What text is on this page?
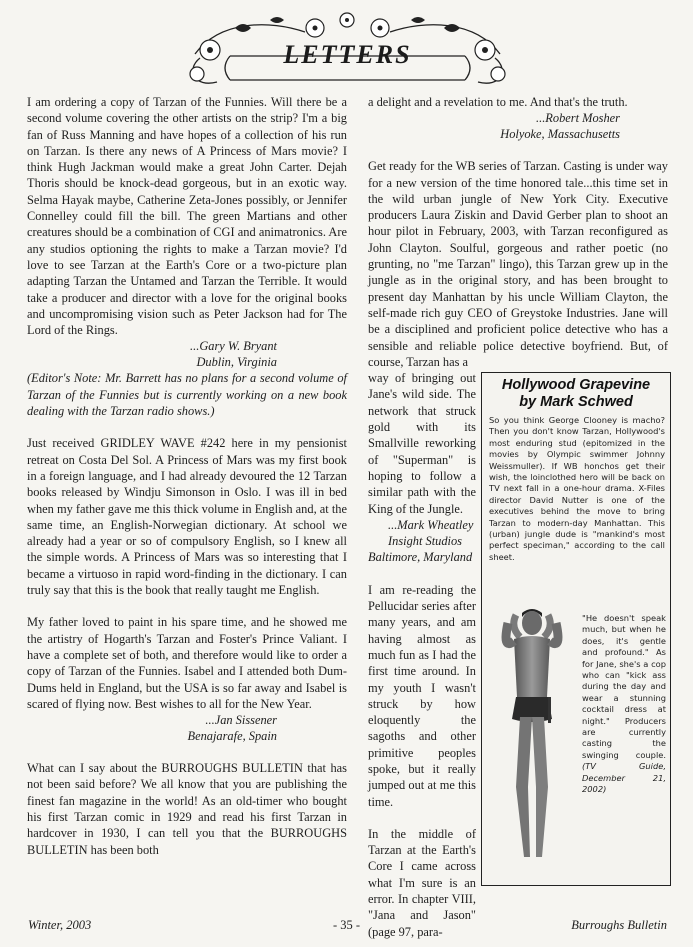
LETTERS

I am ordering a copy of Tarzan of the Funnies. Will there be a second volume covering the other artists on the strip? I'm a big fan of Russ Manning and have hopes of a collection of his run on Tarzan. Is there any news of A Princess of Mars movie? I think Hugh Jackman would make a great John Carter. Dejah Thoris should be knock-dead gorgeous, but in an exotic way. Selma Hayak maybe, Catherine Zeta-Jones possibly, or Jennifer Connelley could fill the bill. The green Martians and other creatures should be a combination of CGI and animatronics. Are any studios optioning the rights to make a Tarzan movie? I'd love to see Tarzan at the Earth's Core or a two-picture plan adapting Tarzan the Untamed and Tarzan the Terrible. It would take a producer and director with a love for the original books and uncompromising vision such as Peter Jackson had for The Lord of the Rings.

...Gary W. Bryant
Dublin, Virginia

(Editor's Note: Mr. Barrett has no plans for a second volume of Tarzan of the Funnies but is currently working on a new book dealing with the Tarzan radio shows.)

Just received GRIDLEY WAVE #242 here in my pensionist retreat on Costa Del Sol. A Princess of Mars was my first book in a foreign language, and I had already devoured the 12 Tarzan books released by Windju Simonson in Oslo. I was ill in bed when my father gave me this thick volume in English and, at the same time, an English-Norwegian dictionary. At school we already had a year or so of compulsory English, so I knew all the simple words. A Princess of Mars was so interesting that I became a virtuoso in rapid word-finding in the dictionary. I can truly say that this is the book that really taught me English.

My father loved to paint in his spare time, and he showed me the artistry of Hogarth's Tarzan and Foster's Prince Valiant. I have a complete set of both, and therefore would like to order a copy of Tarzan of the Funnies. Isabel and I attended both Dum-Dums held in England, but the USA is so far away and Isabel is scared of flying now. Best wishes to all for the New Year.

...Jan Sissener
Benajarafe, Spain

What can I say about the BURROUGHS BULLETIN that has not been said before? We all know that you are publishing the finest fan magazine in the world! As an old-timer who bought his first Tarzan comic in 1929 and read his first Tarzan in hardcover in 1930, I can tell you that the BURROUGHS BULLETIN has been both

a delight and a revelation to me. And that's the truth.

...Robert Mosher
Holyoke, Massachusetts

Get ready for the WB series of Tarzan. Casting is under way for a new version of the time honored tale...this time set in the wild urban jungle of New York City. Executive producers Laura Ziskin and David Gerber plan to shoot an hour pilot in February, 2003, with Tarzan reconfigured as John Clayton. Soulful, gorgeous and rather poetic (no grunting, no "me Tarzan" lingo), this Tarzan grew up in the jungle as in the original story, and has been brought to present day Manhattan by his uncle William Clayton, the self-made rich guy CEO of Greystoke Industries. Jane will be a disciplined and proficient police detective who has a sensible and reliable police detective boyfriend. But, of course, Tarzan has a

way of bringing out Jane's wild side. The network that struck gold with its Smallville reworking of "Superman" is hoping to follow a similar path with the King of the Jungle.

...Mark Wheatley
Insight Studios
Baltimore, Maryland

I am re-reading the Pellucidar series after many years, and am having almost as much fun as I had the first time around. In my youth I wasn't struck by how eloquently the sagoths and other primitive peoples spoke, but it really jumped out at me this time.

In the middle of Tarzan at the Earth's Core I came across what I'm sure is an error. In chapter VIII, "Jana and Jason" (page 97, para-

Hollywood Grapevine
by Mark Schwed
So you think George Clooney is macho? Then you don't know Tarzan, Hollywood's most enduring stud (epitomized in the movies by Olympic swimmer Johnny Weissmuller). If WB honchos get their wish, the loinclothed hero will be back on TV next fall in a one-hour drama. X-Files director David Nutter is one of the executives behind the move to bring Tarzan to modern-day Manhattan. This (urban) jungle dude is "mankind's most perfect speciman," according to the call sheet.
"He doesn't speak much, but when he does, it's gentle and profound." As for Jane, she's a cop who can "kick ass during the day and wear a stunning cocktail dress at night." Producers are currently casting the swinging couple. (TV Guide, December 21, 2002)
Winter, 2003	- 35 -	Burroughs Bulletin
